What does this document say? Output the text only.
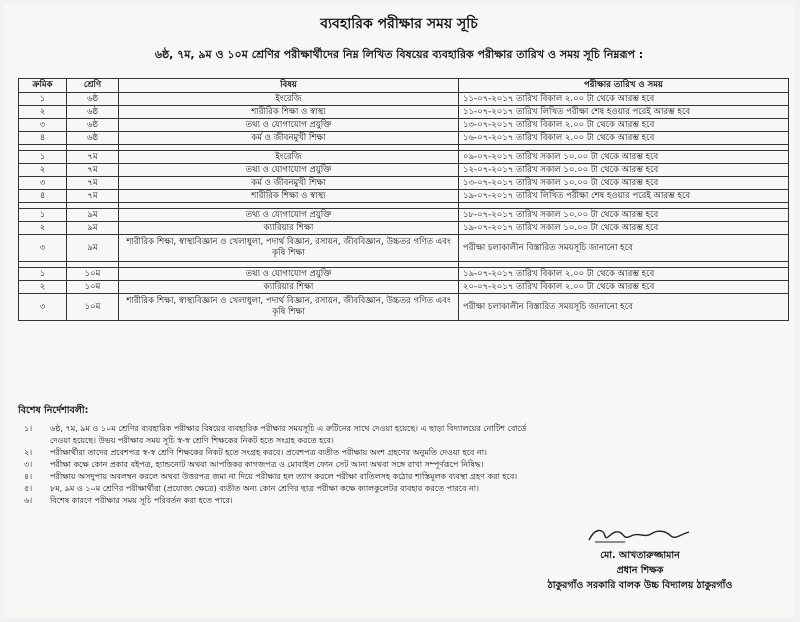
ব্যবহারিক পরীক্ষার সময় সূচি
৬ষ্ঠ, ৭ম, ৯ম ও ১০ম শ্রেণির পরীক্ষার্থীদের নিম্ন লিখিত বিষয়ের ব্যবহারিক পরীক্ষার তারিখ ও সময় সূচি নিম্নরূপ :
ক্রমিক	শ্রেণি	বিষয়	পরীক্ষার তারিখ ও সময়
১	৬ষ্ঠ	ইংরেজি	১১-০৭-২০১৭ তারিখ বিকাল ২.০০ টা থেকে আরম্ভ হবে
২	৬ষ্ঠ	শারীরিক শিক্ষা ও স্বাস্থ্য	১১-০৭-২০১৭ তারিখ লিখিত পরীক্ষা শেষ হওয়ার পরেই আরম্ভ হবে
৩	৬ষ্ঠ	তথ্য ও যোগাযোগ প্রযুক্তি	১৩-০৭-২০১৭ তারিখ বিকাল ২.০০ টা থেকে আরম্ভ হবে
৪	৬ষ্ঠ	কর্ম ও জীবনমুখী শিক্ষা	১৬-০৭-২০১৭ তারিখ বিকাল ২.০০ টা থেকে আরম্ভ হবে

১	৭ম	ইংরেজি	০৯-০৭-২০১৭ তারিখ সকাল ১০.০০ টা থেকে আরম্ভ হবে
২	৭ম	তথ্য ও যোগাযোগ প্রযুক্তি	১২-০৭-২০১৭ তারিখ সকাল ১০.০০ টা থেকে আরম্ভ হবে
৩	৭ম	কর্ম ও জীবনমুখী শিক্ষা	১৩-০৭-২০১৭ তারিখ সকাল ১০.০০ টা থেকে আরম্ভ হবে
৪	৭ম	শারীরিক শিক্ষা ও স্বাস্থ্য	১৯-০৭-২০১৭ তারিখ লিখিত পরীক্ষা শেষ হওয়ার পরেই আরম্ভ হবে

১	৯ম	তথ্য ও যোগাযোগ প্রযুক্তি	১৮-০৭-২০১৭ তারিখ সকাল ১০.০০ টা থেকে আরম্ভ হবে
২	৯ম	ক্যারিয়ার শিক্ষা	১৯-০৭-২০১৭ তারিখ সকাল ১০.০০ টা থেকে আরম্ভ হবে
৩	৯ম	শারীরিক শিক্ষা, স্বাস্থ্যবিজ্ঞান ও খেলাধুলা, পদার্থ বিজ্ঞান, রসায়ন, জীববিজ্ঞান, উচ্চতর গণিত এবং কৃষি শিক্ষা	পরীক্ষা চলাকালীন বিস্তারিত সময়সূচি জানানো হবে

১	১০ম	তথ্য ও যোগাযোগ প্রযুক্তি	১৯-০৭-২০১৭ তারিখ বিকাল ২.০০ টা থেকে আরম্ভ হবে
২	১০ম	ক্যারিয়ার শিক্ষা	২০-০৭-২০১৭ তারিখ বিকাল ২.০০ টা থেকে আরম্ভ হবে
৩	১০ম	শারীরিক শিক্ষা, স্বাস্থ্যবিজ্ঞান ও খেলাধুলা, পদার্থ বিজ্ঞান, রসায়ন, জীববিজ্ঞান, উচ্চতর গণিত এবং কৃষি শিক্ষা	পরীক্ষা চলাকালীন বিস্তারিত সময়সূচি জানানো হবে
বিশেষ নির্দেশাবলী:
১।	৬ষ্ঠ, ৭ম, ৯ম ও ১০ম শ্রেণির ব্যবহারিক পরীক্ষার বিষয়ের ব্যবহারিক পরীক্ষার সময়সূচি এ রুটিনের সাথে দেওয়া হয়েছে। এ ছাড়া বিদ্যালয়ের নোটিশ বোর্ডে
দেওয়া হয়েছে। উভয় পরীক্ষার সময় সূচি স্ব-স্ব শ্রেণি শিক্ষকের নিকট হতে সংগ্রহ করতে হবে।
২।	পরীক্ষার্থীরা তাদের প্রবেশপত্র স্ব-স্ব শ্রেণি শিক্ষকের নিকট হতে সংগ্রহ করবে। প্রবেশপত্র ব্যতীত পরীক্ষায় অংশ গ্রহণের অনুমতি দেওয়া হবে না।
৩।	পরীক্ষা কক্ষে কোন প্রকার বইপত্র, হ্যান্ডনোট অথবা আপত্তিকর কাগজপত্র ও মোবাইল ফোন সেট আনা অথবা সঙ্গে রাখা সম্পূর্ণরূপে নিষিদ্ধ।
৪।	পরীক্ষায় অসদুপায় অবলম্বন করলে অথবা উত্তরপত্র জমা না দিয়ে পরীক্ষার হল ত্যাগ করলে পরীক্ষা বাতিলসহ কঠোর শাস্তিমূলক ব্যবস্থা গ্রহণ করা হবে।
৫।	৮ম, ৯ম ও ১০ম শ্রেণির পরীক্ষার্থীরা (প্রযোজ্য ক্ষেত্রে) ব্যতীত অন্য কোন শ্রেণির ছাত্র পরীক্ষা কক্ষে ক্যালকুলেটর ব্যবহার করতে পারবে না।
৬।	বিশেষ কারণে পরীক্ষার সময় সূচি পরিবর্তন করা হতে পারে।
মো. আখতারুজ্জামান
প্রধান শিক্ষক
ঠাকুরগাঁও সরকারি বালক উচ্চ বিদ্যালয় ঠাকুরগাঁও
